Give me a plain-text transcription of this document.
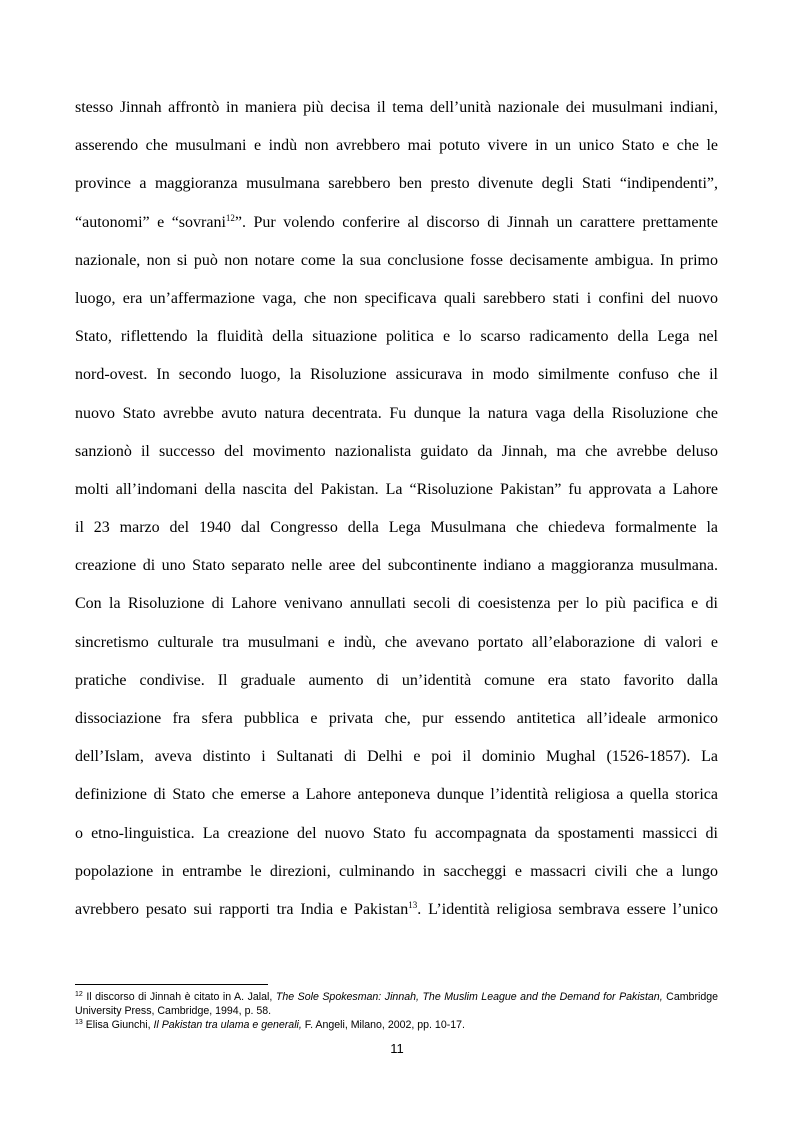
stesso Jinnah affrontò in maniera più decisa il tema dell’unità nazionale dei musulmani indiani,

asserendo che musulmani e indù non avrebbero mai potuto vivere in un unico Stato e che le

province a maggioranza musulmana sarebbero ben presto divenute degli Stati “indipendenti”,

“autonomi” e “sovrani$^{12}$”. Pur volendo conferire al discorso di Jinnah un carattere prettamente

nazionale, non si può non notare come la sua conclusione fosse decisamente ambigua. In primo

luogo, era un’affermazione vaga, che non specificava quali sarebbero stati i confini del nuovo

Stato, riflettendo la fluidità della situazione politica e lo scarso radicamento della Lega nel

nord-ovest. In secondo luogo, la Risoluzione assicurava in modo similmente confuso che il

nuovo Stato avrebbe avuto natura decentrata. Fu dunque la natura vaga della Risoluzione che

sanzionò il successo del movimento nazionalista guidato da Jinnah, ma che avrebbe deluso

molti all’indomani della nascita del Pakistan. La “Risoluzione Pakistan” fu approvata a Lahore

il 23 marzo del 1940 dal Congresso della Lega Musulmana che chiedeva formalmente la

creazione di uno Stato separato nelle aree del subcontinente indiano a maggioranza musulmana.

Con la Risoluzione di Lahore venivano annullati secoli di coesistenza per lo più pacifica e di

sincretismo culturale tra musulmani e indù, che avevano portato all’elaborazione di valori e

pratiche condivise. Il graduale aumento di un’identità comune era stato favorito dalla

dissociazione fra sfera pubblica e privata che, pur essendo antitetica all’ideale armonico

dell’Islam, aveva distinto i Sultanati di Delhi e poi il dominio Mughal (1526-1857). La

definizione di Stato che emerse a Lahore anteponeva dunque l’identità religiosa a quella storica

o etno-linguistica. La creazione del nuovo Stato fu accompagnata da spostamenti massicci di

popolazione in entrambe le direzioni, culminando in saccheggi e massacri civili che a lungo

avrebbero pesato sui rapporti tra India e Pakistan$^{13}$. L’identità religiosa sembrava essere l’unico

$^{12}$ Il discorso di Jinnah è citato in A. Jalal, The Sole Spokesman: Jinnah, The Muslim League and the Demand for Pakistan, Cambridge University Press, Cambridge, 1994, p. 58.

$^{13}$ Elisa Giunchi, Il Pakistan tra ulama e generali, F. Angeli, Milano, 2002, pp. 10-17.

11
